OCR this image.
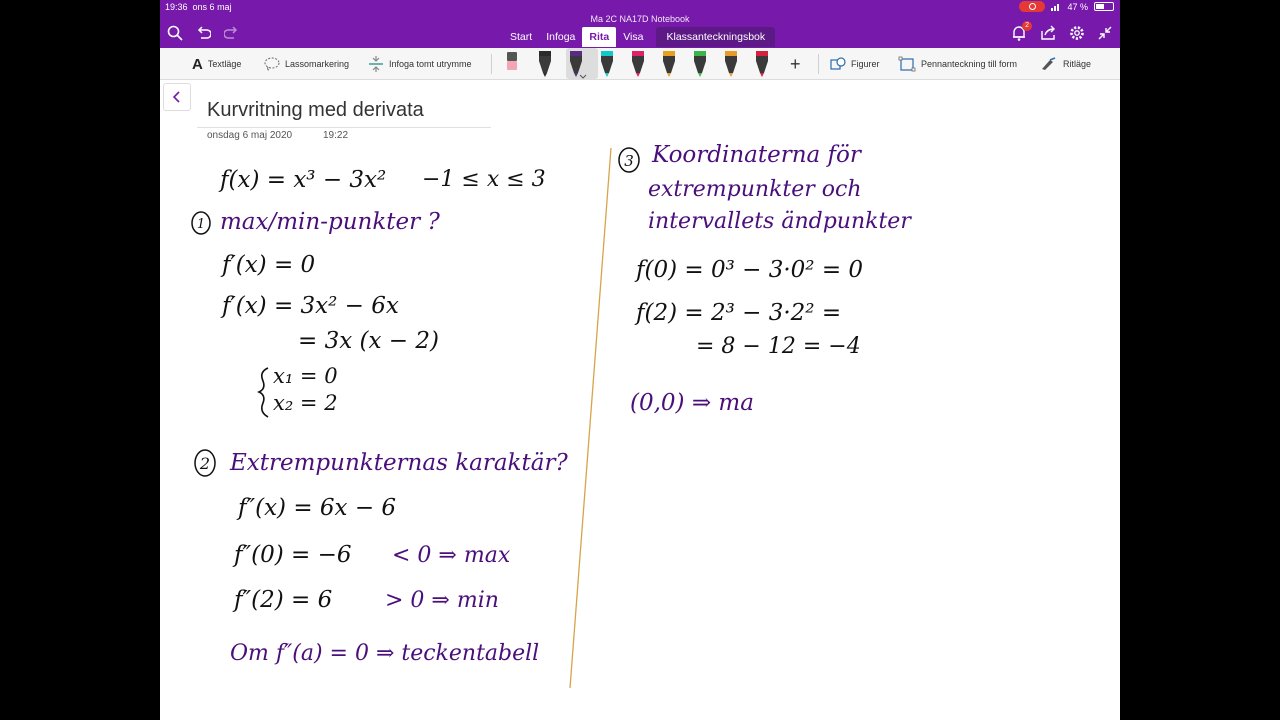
19:36 ons 6 maj
Ma 2C NA17D Notebook
47 %
Start	Infoga	Rita	Visa	Klassanteckningsbok
2
A Textläge	Lassomarkering	Infoga tomt utrymme	+	Figurer	Pennanteckning till form	Ritläge
Kurvritning med derivata
onsdag 6 maj 2020	19:22
1
2
3
f(x) = x³ − 3x² −1 ≤ x ≤ 3
max/min-punkter ?
f′(x) = 0
f′(x) = 3x² − 6x
= 3x (x − 2)
x₁ = 0
x₂ = 2
Extrempunkternas karaktär?
f″(x) = 6x − 6
f″(0) = −6 < 0 ⇒ max
f″(2) = 6 > 0 ⇒ min
Om f″(a) = 0 ⇒ teckentabell
Koordinaterna för
extrempunkter och
intervallets ändpunkter
f(0) = 0³ − 3·0² = 0
f(2) = 2³ − 3·2² =
= 8 − 12 = −4
(0,0) ⇒ ma
